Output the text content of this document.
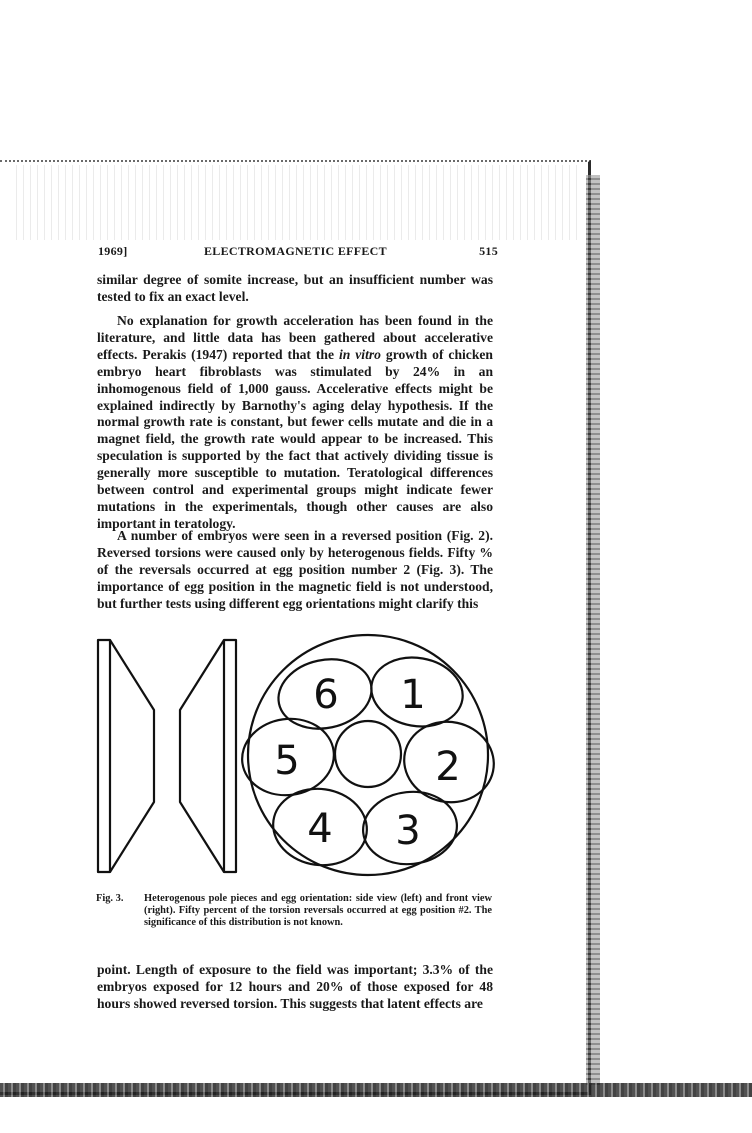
1969]	ELECTROMAGNETIC EFFECT	515

similar degree of somite increase, but an insufficient number was tested to fix an exact level.

No explanation for growth acceleration has been found in the literature, and little data has been gathered about accelerative effects. Perakis (1947) reported that the in vitro growth of chicken embryo heart fibroblasts was stimulated by 24% in an inhomogenous field of 1,000 gauss. Accelerative effects might be explained indirectly by Barnothy's aging delay hypothesis. If the normal growth rate is constant, but fewer cells mutate and die in a magnet field, the growth rate would appear to be increased. This speculation is supported by the fact that actively dividing tissue is generally more susceptible to mutation. Teratological differences between control and experimental groups might indicate fewer mutations in the experimentals, though other causes are also important in teratology.

A number of embryos were seen in a reversed position (Fig. 2). Reversed torsions were caused only by heterogenous fields. Fifty % of the reversals occurred at egg position number 2 (Fig. 3). The importance of egg position in the magnetic field is not understood, but further tests using different egg orientations might clarify this

6 1
5	2
4 3
Fig. 3. Heterogenous pole pieces and egg orientation: side view (left) and front view (right). Fifty percent of the torsion reversals occurred at egg position #2. The significance of this distribution is not known.

point. Length of exposure to the field was important; 3.3% of the embryos exposed for 12 hours and 20% of those exposed for 48 hours showed reversed torsion. This suggests that latent effects are
